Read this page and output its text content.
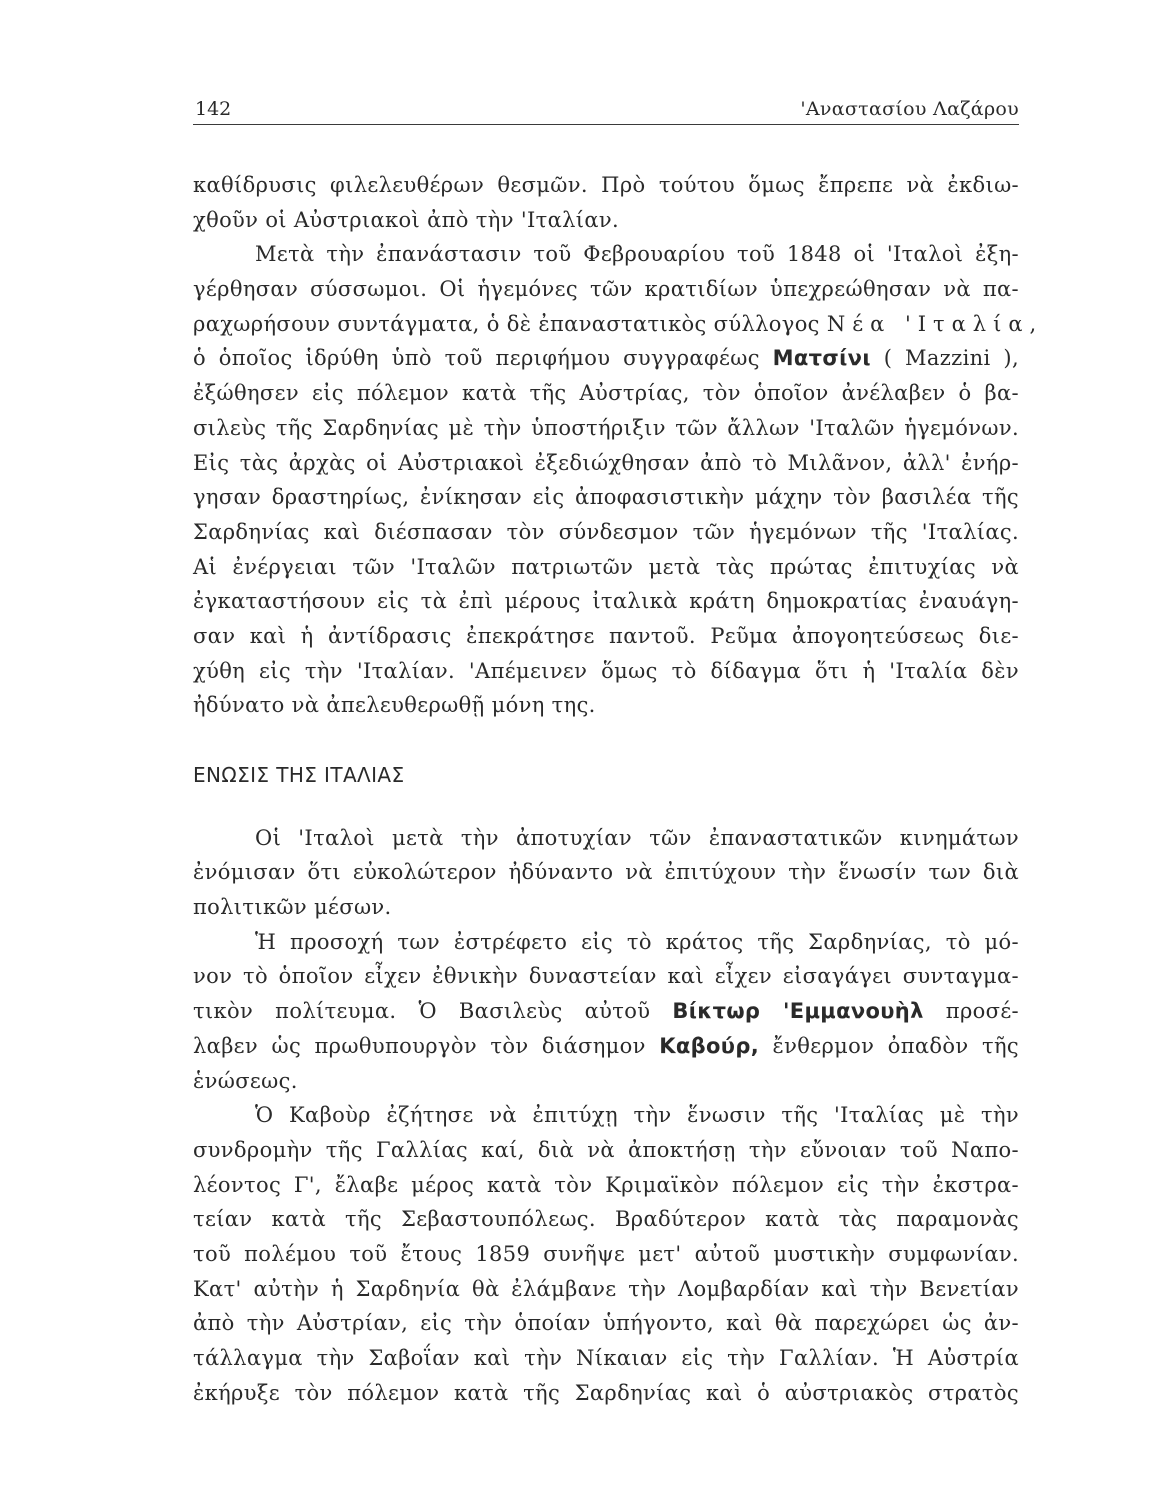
142	'Αναστασίου Λαζάρου
καθίδρυσις φιλελευθέρων θεσμῶν. Πρὸ τούτου ὅμως ἔπρεπε νὰ ἐκδιω-
χθοῦν οἱ Αὐστριακοὶ ἀπὸ τὴν 'Ιταλίαν.
Μετὰ τὴν ἐπανάστασιν τοῦ Φεβρουαρίου τοῦ 1848 οἱ 'Ιταλοὶ ἐξη-
γέρθησαν σύσσωμοι. Οἱ ἡγεμόνες τῶν κρατιδίων ὑπεχρεώθησαν νὰ πα-
ραχωρήσουν συντάγματα, ὁ δὲ ἐπαναστατικὸς σύλλογος Νέα 'Ιταλία,
ὁ ὁποῖος ἱδρύθη ὑπὸ τοῦ περιφήμου συγγραφέως Ματσίνι ( Mazzini ),
ἐξώθησεν εἰς πόλεμον κατὰ τῆς Αὐστρίας, τὸν ὁποῖον ἀνέλαβεν ὁ βα-
σιλεὺς τῆς Σαρδηνίας μὲ τὴν ὑποστήριξιν τῶν ἄλλων 'Ιταλῶν ἡγεμόνων.
Εἰς τὰς ἀρχὰς οἱ Αὐστριακοὶ ἐξεδιώχθησαν ἀπὸ τὸ Μιλᾶνον, ἀλλ' ἐνήρ-
γησαν δραστηρίως, ἐνίκησαν εἰς ἀποφασιστικὴν μάχην τὸν βασιλέα τῆς
Σαρδηνίας καὶ διέσπασαν τὸν σύνδεσμον τῶν ἡγεμόνων τῆς 'Ιταλίας.
Αἱ ἐνέργειαι τῶν 'Ιταλῶν πατριωτῶν μετὰ τὰς πρώτας ἐπιτυχίας νὰ
ἐγκαταστήσουν εἰς τὰ ἐπὶ μέρους ἰταλικὰ κράτη δημοκρατίας ἐναυάγη-
σαν καὶ ἡ ἀντίδρασις ἐπεκράτησε παντοῦ. Ρεῦμα ἀπογοητεύσεως διε-
χύθη εἰς τὴν 'Ιταλίαν. 'Απέμεινεν ὅμως τὸ δίδαγμα ὅτι ἡ 'Ιταλία δὲν
ἠδύνατο νὰ ἀπελευθερωθῇ μόνη της.
ΕΝΩΣΙΣ ΤΗΣ ΙΤΑΛΙΑΣ
Οἱ 'Ιταλοὶ μετὰ τὴν ἀποτυχίαν τῶν ἐπαναστατικῶν κινημάτων
ἐνόμισαν ὅτι εὐκολώτερον ἠδύναντο νὰ ἐπιτύχουν τὴν ἕνωσίν των διὰ
πολιτικῶν μέσων.
Ἡ προσοχή των ἐστρέφετο εἰς τὸ κράτος τῆς Σαρδηνίας, τὸ μό-
νον τὸ ὁποῖον εἶχεν ἐθνικὴν δυναστείαν καὶ εἶχεν εἰσαγάγει συνταγμα-
τικὸν πολίτευμα. Ὁ Βασιλεὺς αὐτοῦ Βίκτωρ 'Εμμανουὴλ προσέ-
λαβεν ὡς πρωθυπουργὸν τὸν διάσημον Καβούρ, ἔνθερμον ὀπαδὸν τῆς
ἑνώσεως.
Ὁ Καβοὺρ ἐζήτησε νὰ ἐπιτύχῃ τὴν ἕνωσιν τῆς 'Ιταλίας μὲ τὴν
συνδρομὴν τῆς Γαλλίας καί, διὰ νὰ ἀποκτήσῃ τὴν εὔνοιαν τοῦ Ναπο-
λέοντος Γ', ἔλαβε μέρος κατὰ τὸν Κριμαϊκὸν πόλεμον εἰς τὴν ἐκστρα-
τείαν κατὰ τῆς Σεβαστουπόλεως. Βραδύτερον κατὰ τὰς παραμονὰς
τοῦ πολέμου τοῦ ἔτους 1859 συνῆψε μετ' αὐτοῦ μυστικὴν συμφωνίαν.
Κατ' αὐτὴν ἡ Σαρδηνία θὰ ἐλάμβανε τὴν Λομβαρδίαν καὶ τὴν Βενετίαν
ἀπὸ τὴν Αὐστρίαν, εἰς τὴν ὁποίαν ὑπήγοντο, καὶ θὰ παρεχώρει ὡς ἀν-
τάλλαγμα τὴν Σαβοΐαν καὶ τὴν Νίκαιαν εἰς τὴν Γαλλίαν. Ἡ Αὐστρία
ἐκήρυξε τὸν πόλεμον κατὰ τῆς Σαρδηνίας καὶ ὁ αὐστριακὸς στρατὸς
